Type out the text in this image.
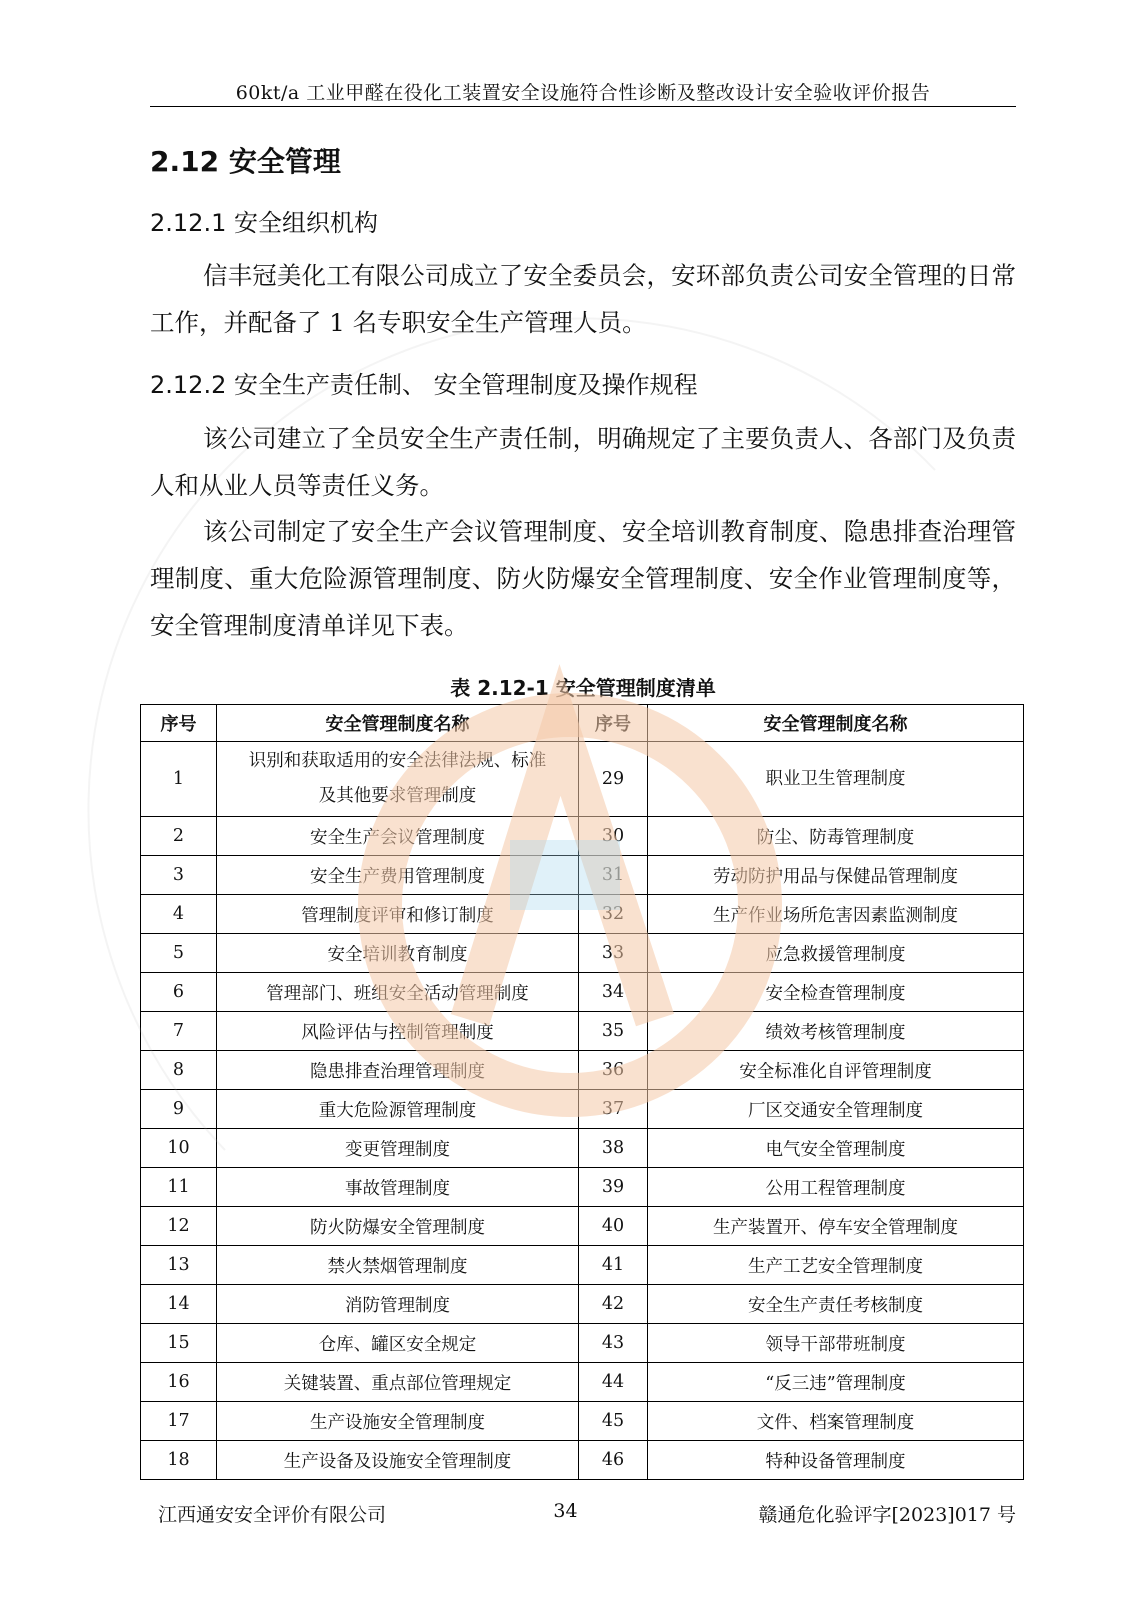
60kt/a 工业甲醛在役化工装置安全设施符合性诊断及整改设计安全验收评价报告
2.12 安全管理
2.12.1 安全组织机构
信丰冠美化工有限公司成立了安全委员会，安环部负责公司安全管理的日常工作，并配备了 1 名专职安全生产管理人员。
2.12.2 安全生产责任制、 安全管理制度及操作规程
该公司建立了全员安全生产责任制，明确规定了主要负责人、各部门及负责人和从业人员等责任义务。
该公司制定了安全生产会议管理制度、安全培训教育制度、隐患排查治理管理制度、重大危险源管理制度、防火防爆安全管理制度、安全作业管理制度等，安全管理制度清单详见下表。
表 2.12-1 安全管理制度清单
序号	安全管理制度名称	序号	安全管理制度名称
1	识别和获取适用的安全法律法规、标准
及其他要求管理制度	29	职业卫生管理制度
2	安全生产会议管理制度	30	防尘、防毒管理制度
3	安全生产费用管理制度	31	劳动防护用品与保健品管理制度
4	管理制度评审和修订制度	32	生产作业场所危害因素监测制度
5	安全培训教育制度	33	应急救援管理制度
6	管理部门、班组安全活动管理制度	34	安全检查管理制度
7	风险评估与控制管理制度	35	绩效考核管理制度
8	隐患排查治理管理制度	36	安全标准化自评管理制度
9	重大危险源管理制度	37	厂区交通安全管理制度
10	变更管理制度	38	电气安全管理制度
11	事故管理制度	39	公用工程管理制度
12	防火防爆安全管理制度	40	生产装置开、停车安全管理制度
13	禁火禁烟管理制度	41	生产工艺安全管理制度
14	消防管理制度	42	安全生产责任考核制度
15	仓库、罐区安全规定	43	领导干部带班制度
16	关键装置、重点部位管理规定	44	“反三违”管理制度
17	生产设施安全管理制度	45	文件、档案管理制度
18	生产设备及设施安全管理制度	46	特种设备管理制度
江西通安安全评价有限公司	34	赣通危化验评字[2023]017 号
